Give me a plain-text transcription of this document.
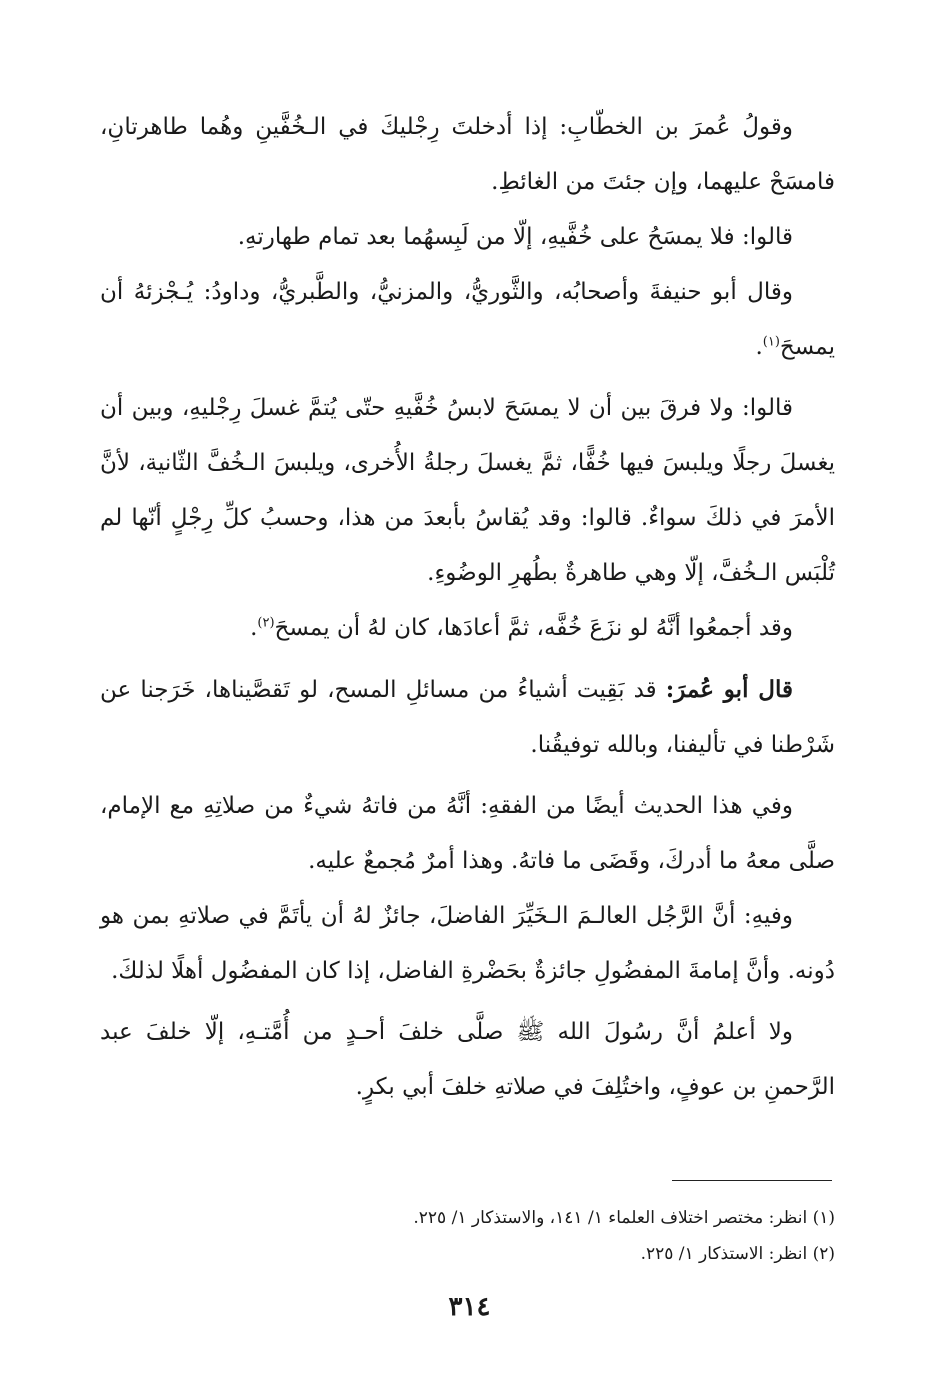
وقولُ عُمرَ بن الخطّابِ: إذا أدخلتَ رِجْليكَ في الـخُفَّينِ وهُما طاهرتانِ، فامسَحْ عليهما، وإن جئتَ من الغائطِ.

قالوا: فلا يمسَحُ على خُفَّيهِ، إلّا من لَبِسهُما بعد تمام طهارتهِ.

وقال أبو حنيفةَ وأصحابُه، والثَّوريُّ، والمزنيُّ، والطَّبريُّ، وداودُ: يُـجْزئهُ أن يمسحَ$^{(١)}$.

قالوا: ولا فرقَ بين أن لا يمسَحَ لابسُ خُفَّيهِ حتّى يُتمَّ غسلَ رِجْليهِ، وبين أن يغسلَ رجلًا ويلبسَ فيها خُفًّا، ثمَّ يغسلَ رجلةُ الأُخرى، ويلبسَ الـخُفَّ الثّانية، لأنَّ الأمرَ في ذلكَ سواءٌ. قالوا: وقد يُقاسُ بأبعدَ من هذا، وحسبُ كلِّ رِجْلٍ أنّها لم تُلْبَس الـخُفَّ، إلّا وهي طاهرةٌ بطُهرِ الوضُوءِ.

وقد أجمعُوا أنَّهُ لو نزَعَ خُفَّه، ثمَّ أعادَها، كان لهُ أن يمسحَ$^{(٢)}$.

قال أبو عُمرَ: قد بَقِيت أشياءُ من مسائلِ المسح، لو تَقصَّيناها، خَرَجنا عن شَرْطنا في تأليفنا، وبالله توفيقُنا.

وفي هذا الحديث أيضًا من الفقهِ: أنَّهُ من فاتهُ شيءٌ من صلاتِهِ مع الإمام، صلَّى معهُ ما أدركَ، وقَضَى ما فاتهُ. وهذا أمرٌ مُجمعٌ عليه.

وفيهِ: أنَّ الرَّجُل العالـمَ الـخَيِّرَ الفاضلَ، جائزٌ لهُ أن يأتَمَّ في صلاتهِ بمن هو دُونه. وأنَّ إمامةَ المفضُولِ جائزةٌ بحَضْرةِ الفاضل، إذا كان المفضُول أهلًا لذلكَ.

ولا أعلمُ أنَّ رسُولَ الله ﷺ صلَّى خلفَ أحـدٍ من أُمَّتـهِ، إلّا خلفَ عبد الرَّحمنِ بن عوفٍ، واختُلِفَ في صلاتهِ خلفَ أبي بكرٍ.

(١) انظر: مختصر اختلاف العلماء ١/ ١٤١، والاستذكار ١/ ٢٢٥.
(٢) انظر: الاستذكار ١/ ٢٢٥.
٣١٤
